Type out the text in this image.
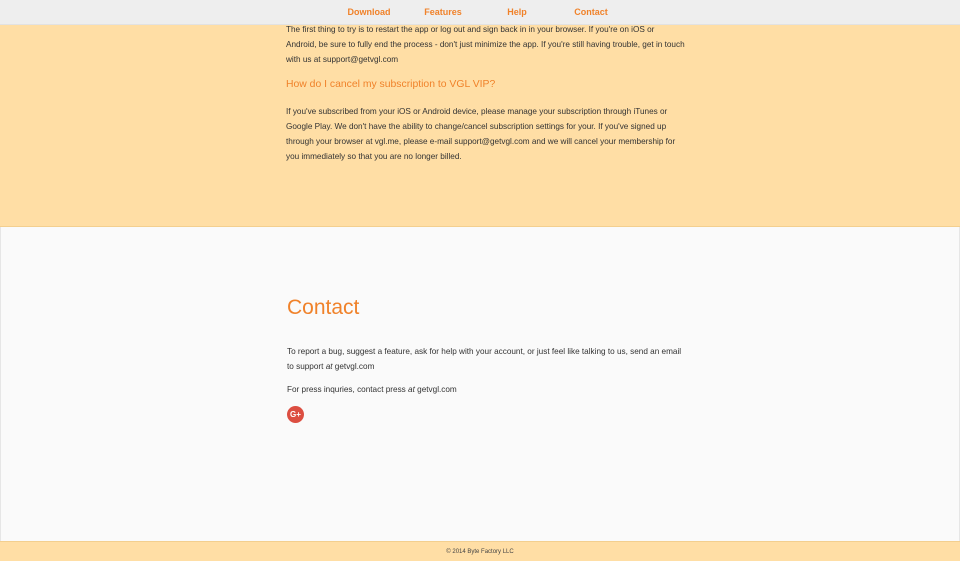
Download	Features	Help	Contact

The first thing to try is to restart the app or log out and sign back in in your browser. If you're on iOS or Android, be sure to fully end the process - don't just minimize the app. If you're still having trouble, get in touch with us at support@getvgl.com

How do I cancel my subscription to VGL VIP?

If you've subscribed from your iOS or Android device, please manage your subscription through iTunes or Google Play. We don't have the ability to change/cancel subscription settings for your. If you've signed up through your browser at vgl.me, please e-mail support@getvgl.com and we will cancel your membership for you immediately so that you are no longer billed.

Contact

To report a bug, suggest a feature, ask for help with your account, or just feel like talking to us, send an email to support at getvgl.com

For press inquries, contact press at getvgl.com

G+
© 2014 Byte Factory LLC
